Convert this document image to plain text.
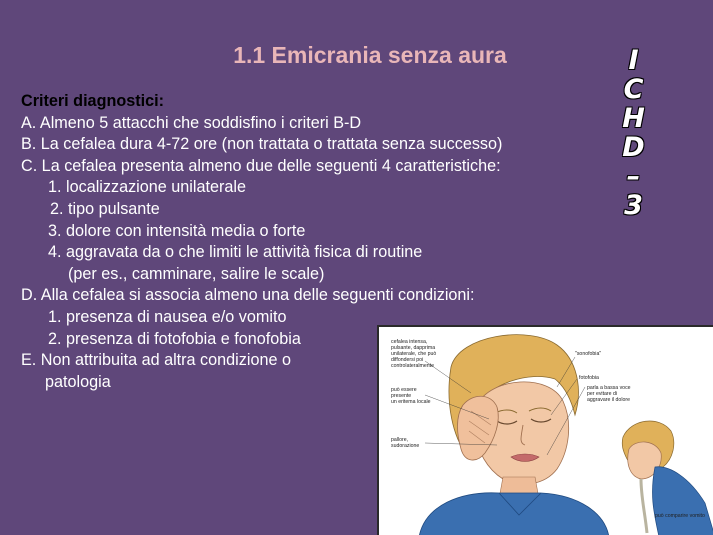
1.1 Emicrania senza aura	I
C
H
D
–
3
Criteri diagnostici:
A. Almeno 5 attacchi che soddisfino i criteri B-D
B. La cefalea dura 4-72 ore (non trattata o trattata senza successo)
C. La cefalea presenta almeno due delle seguenti 4 caratteristiche:
1. localizzazione unilaterale
2. tipo pulsante
3. dolore con intensità media o forte
4. aggravata da o che limiti le attività fisica di routine
(per es., camminare, salire le scale)
D. Alla cefalea si associa almeno una delle seguenti condizioni:
1. presenza di nausea e/o vomito
2. presenza di fotofobia e fonofobia
E. Non attribuita ad altra condizione o
patologia
cefalea intensa,
pulsante, dapprima
unilaterale, che può
diffondersi poi
controlateralmente
può essere
presente
un eritema locale
pallore,
sudorazione
"sonofobia"
fotofobia
parla a bassa voce
per evitare di
aggravare il dolore
può comparire vomito
